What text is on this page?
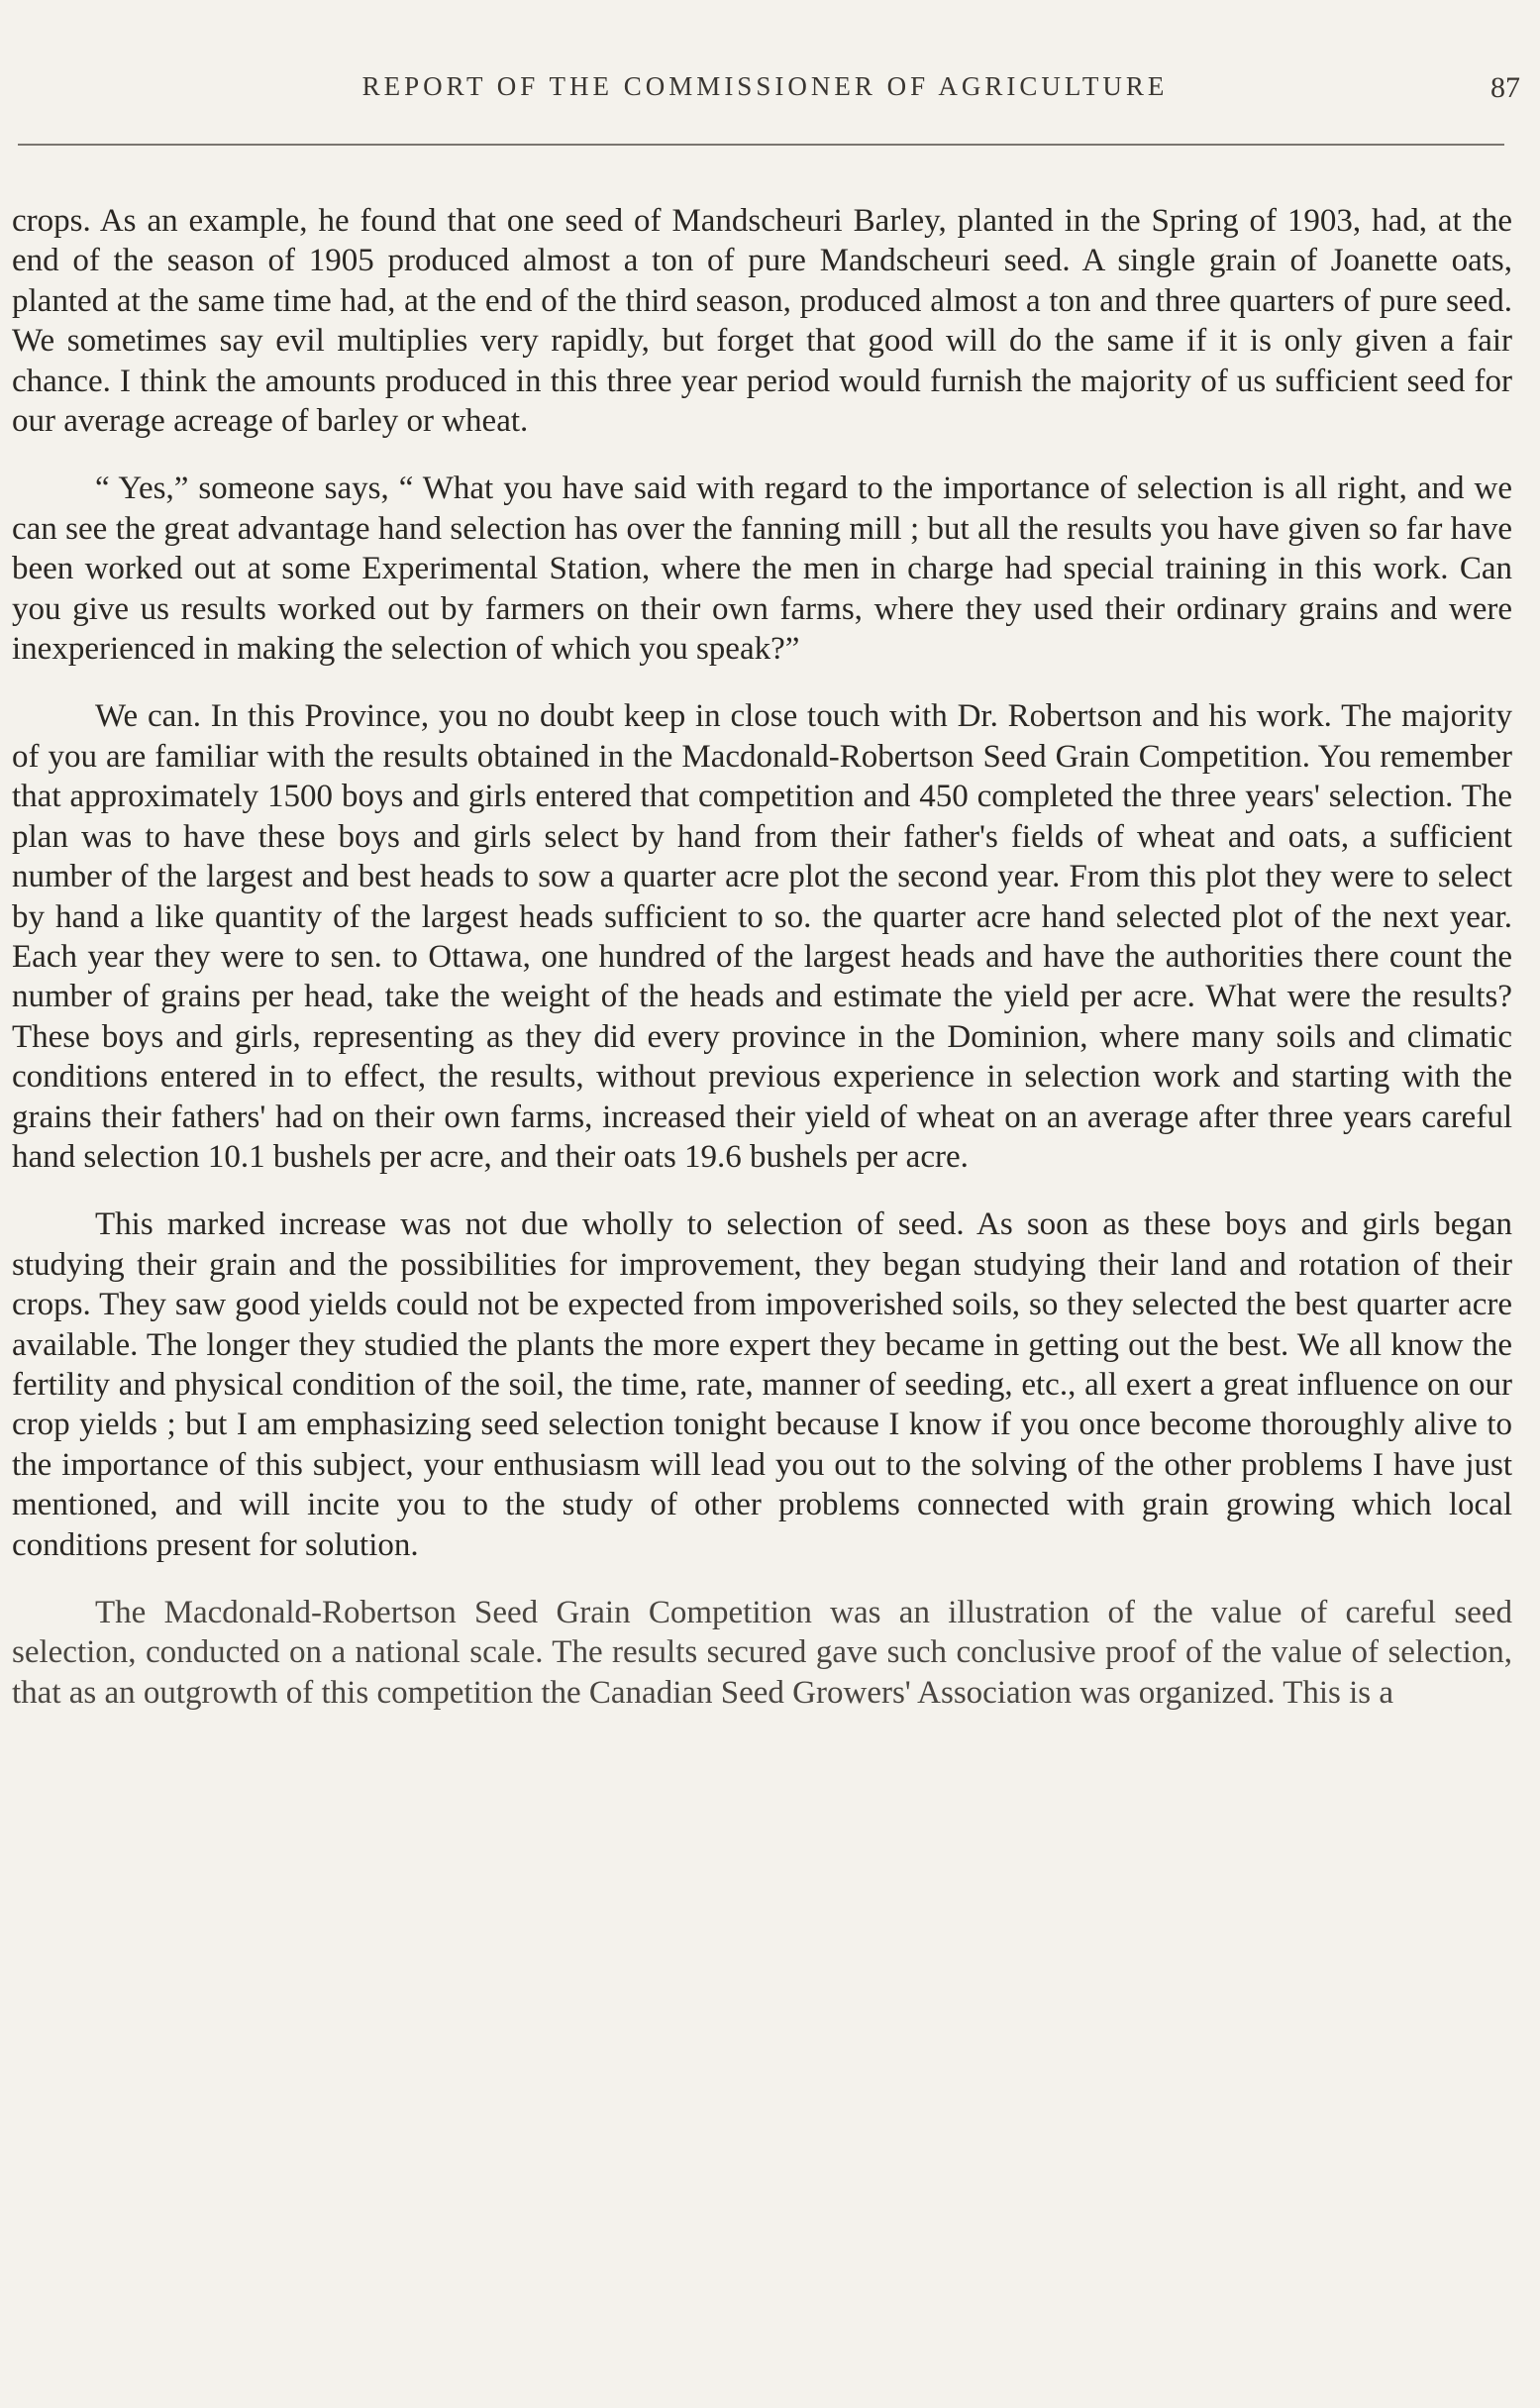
REPORT OF THE COMMISSIONER OF AGRICULTURE	87

crops. As an example, he found that one seed of Mandscheuri Barley, planted in the Spring of 1903, had, at the end of the season of 1905 produced almost a ton of pure Mandscheuri seed. A single grain of Joanette oats, planted at the same time had, at the end of the third season, produced almost a ton and three quarters of pure seed. We sometimes say evil multiplies very rapidly, but forget that good will do the same if it is only given a fair chance. I think the amounts produced in this three year period would furnish the majority of us sufficient seed for our average acreage of barley or wheat.

“ Yes,” someone says, “ What you have said with regard to the importance of selection is all right, and we can see the great advantage hand selection has over the fanning mill ; but all the results you have given so far have been worked out at some Experimental Station, where the men in charge had special training in this work. Can you give us results worked out by farmers on their own farms, where they used their ordinary grains and were inexperienced in making the selection of which you speak?”

We can. In this Province, you no doubt keep in close touch with Dr. Robertson and his work. The majority of you are familiar with the results obtained in the Macdonald-Robertson Seed Grain Competition. You remember that approximately 1500 boys and girls entered that competition and 450 completed the three years' selection. The plan was to have these boys and girls select by hand from their father's fields of wheat and oats, a sufficient number of the largest and best heads to sow a quarter acre plot the second year. From this plot they were to select by hand a like quantity of the largest heads sufficient to so. the quarter acre hand selected plot of the next year. Each year they were to sen. to Ottawa, one hundred of the largest heads and have the authorities there count the number of grains per head, take the weight of the heads and estimate the yield per acre. What were the results? These boys and girls, representing as they did every province in the Dominion, where many soils and climatic conditions entered in to effect, the results, without previous experience in selection work and starting with the grains their fathers' had on their own farms, increased their yield of wheat on an average after three years careful hand selection 10.1 bushels per acre, and their oats 19.6 bushels per acre.

This marked increase was not due wholly to selection of seed. As soon as these boys and girls began studying their grain and the possibilities for improvement, they began studying their land and rotation of their crops. They saw good yields could not be expected from impoverished soils, so they selected the best quarter acre available. The longer they studied the plants the more expert they became in getting out the best. We all know the fertility and physical condition of the soil, the time, rate, manner of seeding, etc., all exert a great influence on our crop yields ; but I am emphasizing seed selection tonight because I know if you once become thoroughly alive to the importance of this subject, your enthusiasm will lead you out to the solving of the other problems I have just mentioned, and will incite you to the study of other problems connected with grain growing which local conditions present for solution.

The Macdonald-Robertson Seed Grain Competition was an illustration of the value of careful seed selection, conducted on a national scale. The results secured gave such conclusive proof of the value of selection, that as an outgrowth of this competition the Canadian Seed Growers' Association was organized. This is a
